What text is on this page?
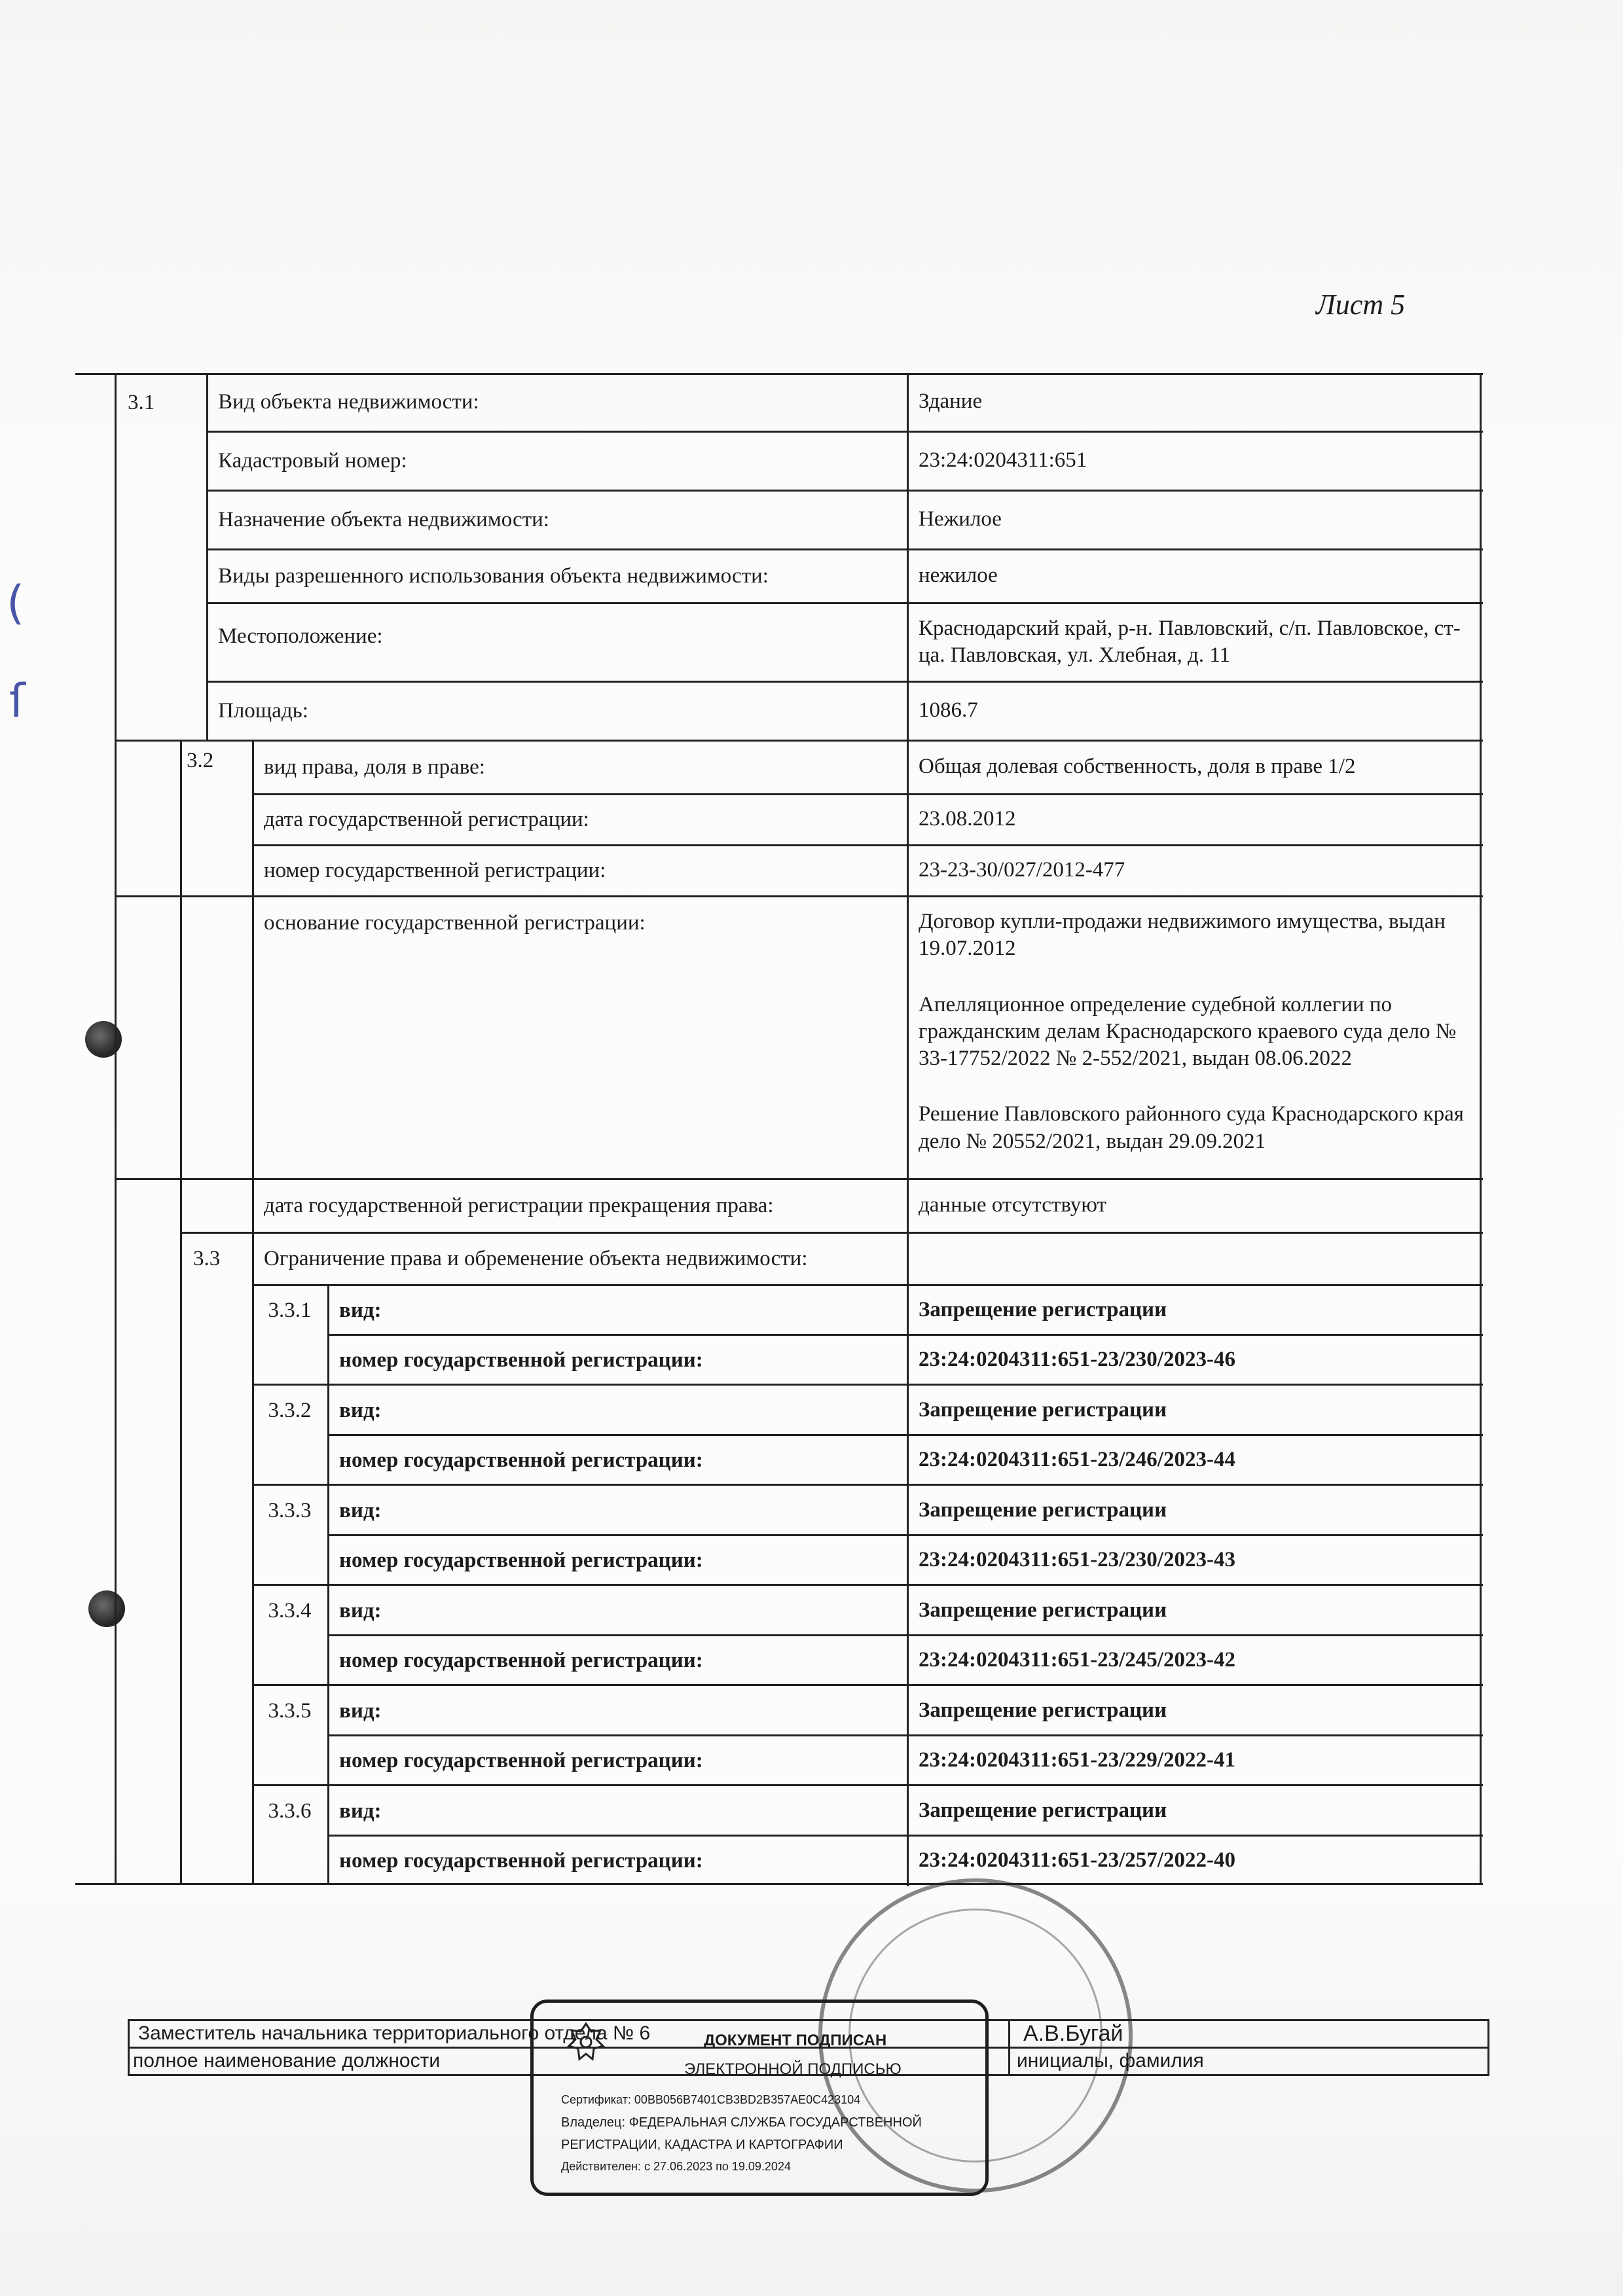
Лист 5
(
ſ
3.1	Вид объекта недвижимости:	Здание
Кадастровый номер:	23:24:0204311:651
Назначение объекта недвижимости:	Нежилое
Виды разрешенного использования объекта недвижимости:	нежилое
Местоположение:	Краснодарский край, р-н. Павловский, с/п. Павловское, ст-ца. Павловская, ул. Хлебная, д. 11
Площадь:	1086.7
3.2	вид права, доля в праве:	Общая долевая собственность, доля в праве 1/2
дата государственной регистрации:	23.08.2012
номер государственной регистрации:	23-23-30/027/2012-477
основание государственной регистрации:	Договор купли-продажи недвижимого имущества, выдан 19.07.2012

Апелляционное определение судебной коллегии по гражданским делам Краснодарского краевого суда дело № 33-17752/2022 № 2-552/2021, выдан 08.06.2022

Решение Павловского районного суда Краснодарского края дело № 20552/2021, выдан 29.09.2021

дата государственной регистрации прекращения права:	данные отсутствуют
3.3	Ограничение права и обременение объекта недвижимости:
3.3.1	вид:	Запрещение регистрации
номер государственной регистрации:	23:24:0204311:651-23/230/2023-46
3.3.2	вид:	Запрещение регистрации
номер государственной регистрации:	23:24:0204311:651-23/246/2023-44
3.3.3	вид:	Запрещение регистрации
номер государственной регистрации:	23:24:0204311:651-23/230/2023-43
3.3.4	вид:	Запрещение регистрации
номер государственной регистрации:	23:24:0204311:651-23/245/2023-42
3.3.5	вид:	Запрещение регистрации
номер государственной регистрации:	23:24:0204311:651-23/229/2022-41
3.3.6	вид:	Запрещение регистрации
номер государственной регистрации:	23:24:0204311:651-23/257/2022-40
Заместитель начальника территориального отдела № 6
полное наименование должности
А.В.Бугай
инициалы, фамилия
ДОКУМЕНТ ПОДПИСАН
ЭЛЕКТРОННОЙ ПОДПИСЬЮ
Сертификат: 00BB056B7401CB3BD2B357AE0C423104
Владелец: ФЕДЕРАЛЬНАЯ СЛУЖБА ГОСУДАРСТВЕННОЙ
РЕГИСТРАЦИИ, КАДАСТРА И КАРТОГРАФИИ
Действителен: с 27.06.2023 по 19.09.2024
